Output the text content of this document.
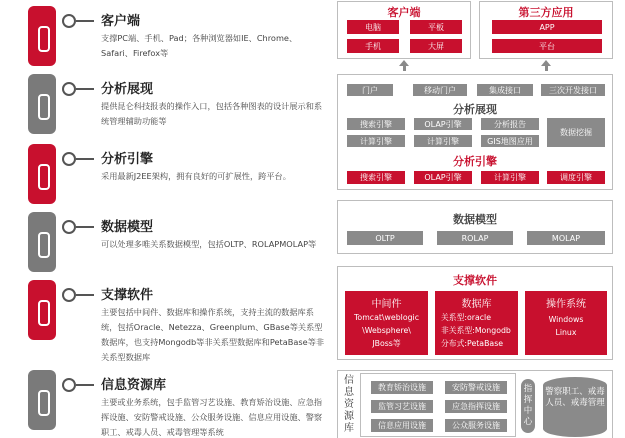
客户端
支撑PC端、手机、Pad；各种浏览器如IE、Chrome、Safari、Firefox等
分析展现
提供昆仑科技报表的操作入口，包括各种图表的设计展示和系统管理辅助功能等
分析引擎
采用最新J2EE架构，拥有良好的可扩展性，跨平台。
数据模型
可以处理多唯关系数据模型，包括OLTP、ROLAPMOLAP等
支撑软件
主要包括中间件、数据库和操作系统，支持主流的数据库系统，包括Oracle、Netezza、Greenplum、GBase等关系型数据库，也支持Mongodb等非关系型数据库和PetaBase等非关系型数据库
信息资源库
主要或业务系统，包手监管习艺设施、教育矫治设施、应急指挥设施、安防警戒设施、公众服务设施、信息应用设施、警察职工、戒毒人员、戒毒管理等系统
客户端
电脑	平板
手机	大屏
第三方应用
APP
平台
门户	移动门户	集成接口	三次开发接口
分析展现
搜索引擎	OLAP引擎	分析报告
计算引擎	计算引擎	GIS地图应用
数据挖掘
分析引擎
搜索引擎	OLAP引擎	计算引擎	调度引擎
数据模型
OLTP	ROLAP	MOLAP
支撑软件
中间件
Tomcat\weblogic
\Websphere\
JBoss等
数据库
关系型:oracle
非关系型:Mongodb
分布式:PetaBase
操作系统
Windows
Linux
信息资源库
教育矫治设施	安防警戒设施
监管习艺设施	应急指挥设施
信息应用设施	公众服务设施
指挥中心
警察职工、戒毒人员、戒毒管理
